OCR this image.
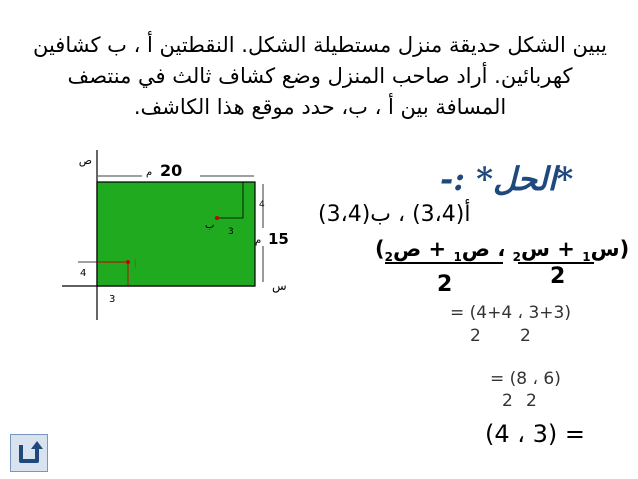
يبين الشكل حديقة منزل مستطيلة الشكل. النقطتين أ ، ب كشافين
كهربائين. أراد صاحب المنزل وضع كشاف ثالث في منتصف
المسافة بين أ ، ب، حدد موقع هذا الكاشف.
ص
س
م 20
م 15
ب
3
4
أ
4
3
*الحل* :-
أ(3،4) ، ب(3،4)
(س$_1$ + س$_2$ ، ص$_1$ + ص$_2$	)
2
2
= (4+4 ، 3+3)
2 2
= (8 ، 6)
2 2
(4 ، 3) =
